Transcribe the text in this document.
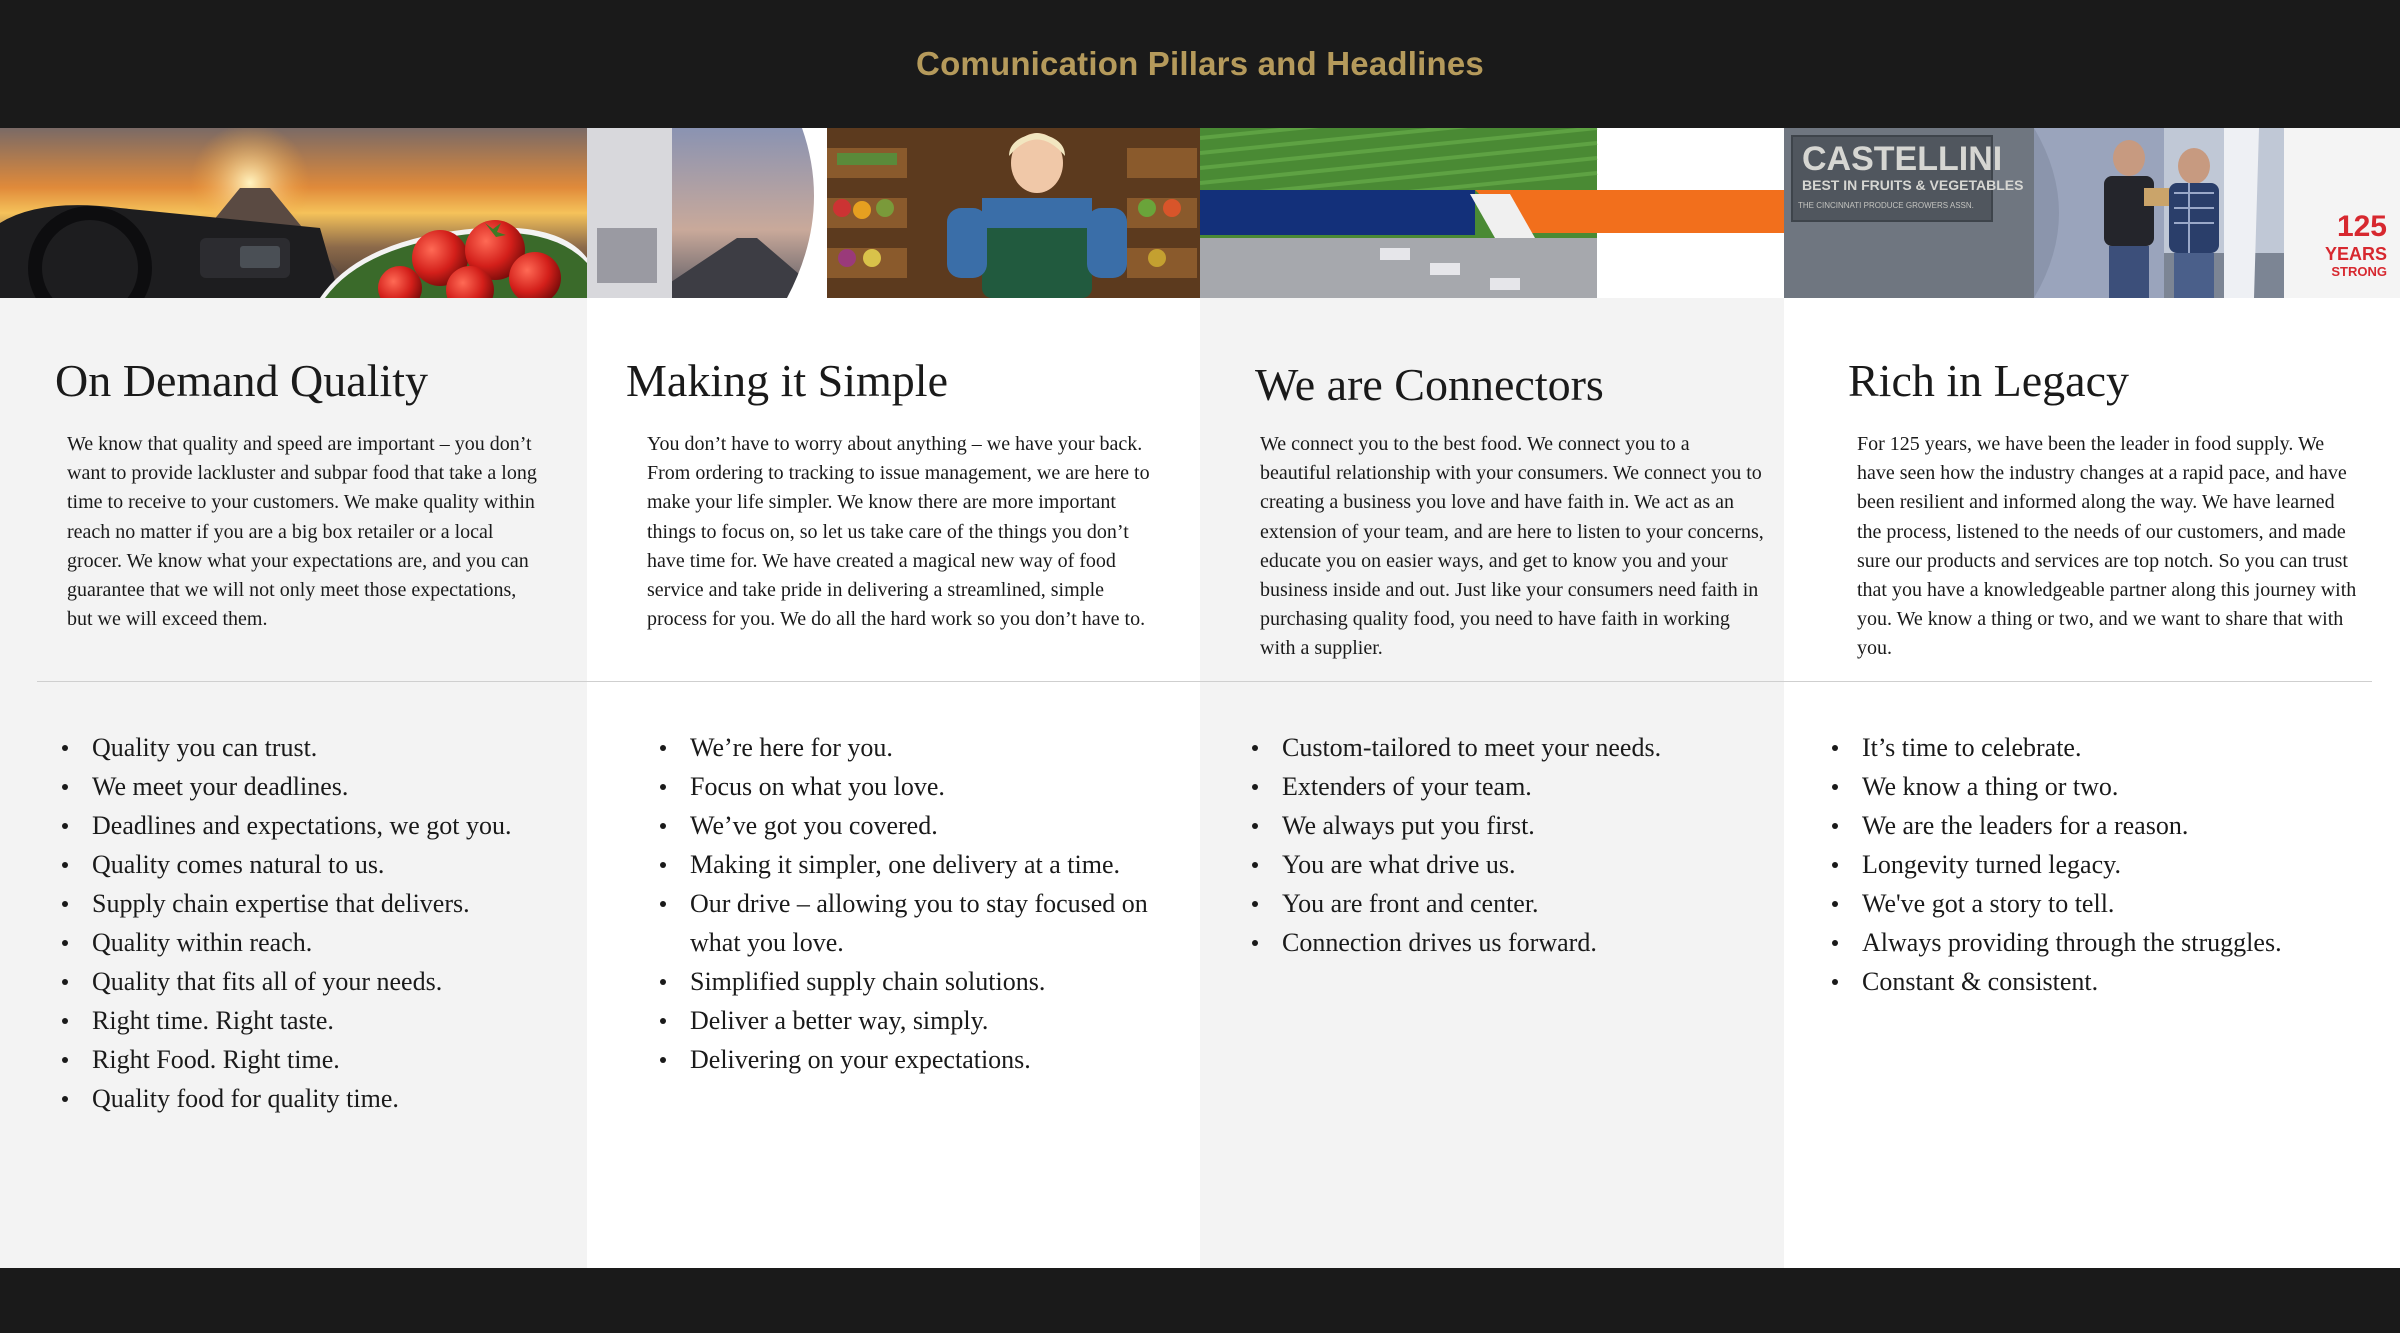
Comunication Pillars and Headlines
On Demand Quality

We know that quality and speed are important – you don’t want to provide lackluster and subpar food that take a long time to receive to your customers. We make quality within reach no matter if you are a big box retailer or a local grocer. We know what your expectations are, and you can guarantee that we will not only meet those expectations, but we will exceed them.

Making it Simple

You don’t have to worry about anything – we have your back. From ordering to tracking to issue management, we are here to make your life simpler. We know there are more important things to focus on, so let us take care of the things you don’t have time for. We have created a magical new way of food service and take pride in delivering a streamlined, simple process for you. We do all the hard work so you don’t have to.

We are Connectors

We connect you to the best food. We connect you to a beautiful relationship with your consumers. We connect you to creating a business you love and have faith in. We act as an extension of your team, and are here to listen to your concerns, educate you on easier ways, and get to know you and your business inside and out. Just like your consumers need faith in purchasing quality food, you need to have faith in working with a supplier.

CASTELLINI
BEST IN FRUITS & VEGETABLES
THE CINCINNATI PRODUCE GROWERS ASSN.
125
YEARS
STRONG
Rich in Legacy

For 125 years, we have been the leader in food supply. We have seen how the industry changes at a rapid pace, and have been resilient and informed along the way. We have learned the process, listened to the needs of our customers, and made sure our products and services are top notch. So you can trust that you have a knowledgeable partner along this journey with you. We know a thing or two, and we want to share that with you.

Quality you can trust.
We meet your deadlines.
Deadlines and expectations, we got you.
Quality comes natural to us.
Supply chain expertise that delivers.
Quality within reach.
Quality that fits all of your needs.
Right time. Right taste.
Right Food. Right time.
Quality food for quality time.
We’re here for you.
Focus on what you love.
We’ve got you covered.
Making it simpler, one delivery at a time.
Our drive – allowing you to stay focused on what you love.
Simplified supply chain solutions.
Deliver a better way, simply.
Delivering on your expectations.
Custom-tailored to meet your needs.
Extenders of your team.
We always put you first.
You are what drive us.
You are front and center.
Connection drives us forward.
It’s time to celebrate.
We know a thing or two.
We are the leaders for a reason.
Longevity turned legacy.
We've got a story to tell.
Always providing through the struggles.
Constant & consistent.
